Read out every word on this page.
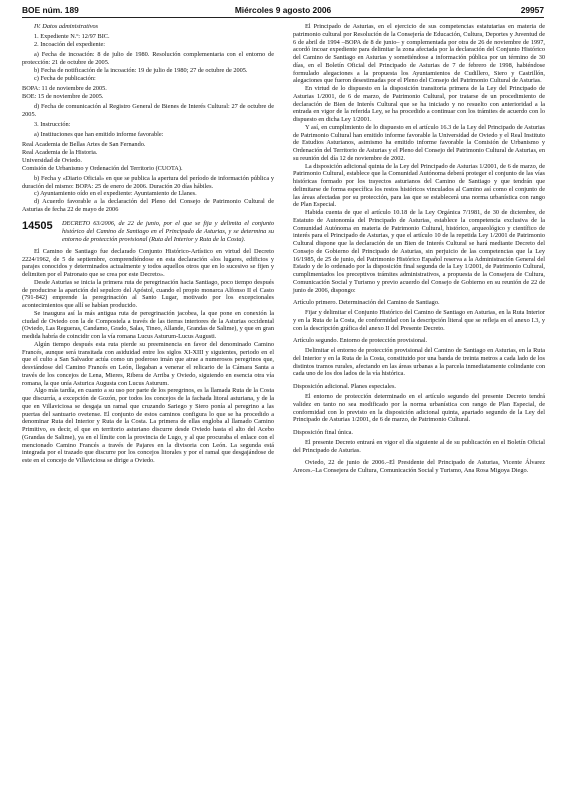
BOE núm. 189	Miércoles 9 agosto 2006	29957

IV. Datos administrativos

1. Expediente N.º: 12/97 BIC.

2. Incoación del expediente:

a) Fecha de incoación: 8 de julio de 1980. Resolución complementaria con el entorno de protección: 21 de octubre de 2005.

b) Fecha de notificación de la incoación: 19 de julio de 1980; 27 de octubre de 2005.

c) Fecha de publicación:

BOPA: 11 de noviembre de 2005.

BOE: 15 de noviembre de 2005.

d) Fecha de comunicación al Registro General de Bienes de Interés Cultural: 27 de octubre de 2005.

3. Instrucción:

a) Instituciones que han emitido informe favorable:

Real Academia de Bellas Artes de San Fernando.

Real Academia de la Historia.

Universidad de Oviedo.

Comisión de Urbanismo y Ordenación del Territorio (CUOTA).

b) Fecha y «Diario Oficial» en que se publica la apertura del período de información pública y duración del mismo: BOPA: 25 de enero de 2006. Duración 20 días hábiles.

c) Ayuntamiento oído en el expediente: Ayuntamiento de Llanes.

d) Acuerdo favorable a la declaración del Pleno del Consejo de Patrimonio Cultural de Asturias de fecha 22 de mayo de 2006

14505	DECRETO 63/2006, de 22 de junio, por el que se fija y delimita el conjunto histórico del Camino de Santiago en el Principado de Asturias, y se determina su entorno de protección provisional (Ruta del Interior y Ruta de la Costa).

El Camino de Santiago fue declarado Conjunto Histórico-Artístico en virtud del Decreto 2224/1962, de 5 de septiembre, comprendiéndose en esta declaración «los lugares, edificios y parajes conocidos y determinados actualmente y todos aquellos otros que en lo sucesivo se fijen y delimiten por el Patronato que se crea por este Decreto».

Desde Asturias se inicia la primera ruta de peregrinación hacia Santiago, poco tiempo después de producirse la aparición del sepulcro del Apóstol, cuando el propio monarca Alfonso II el Casto (791-842) emprende la peregrinación al Santo Lugar, motivado por los excepcionales acontecimientos que allí se habían producido.

Se inaugura así la más antigua ruta de peregrinación jacobea, la que pone en conexión la ciudad de Oviedo con la de Compostela a través de las tierras interiores de la Asturias occidental (Oviedo, Las Regueras, Candamo, Grado, Salas, Tineo, Allande, Grandas de Salime), y que en gran medida habría de coincidir con la vía romana Lucus Asturum-Lucus Augusti.

Algún tiempo después esta ruta pierde su preeminencia en favor del denominado Camino Francés, aunque será transitada con asiduidad entre los siglos XI-XIII y siguientes, periodo en el que el culto a San Salvador actúa como un poderoso imán que atrae a numerosos peregrinos que, desviándose del Camino Francés en León, llegaban a venerar el relicario de la Cámara Santa a través de los concejos de Lena, Mieres, Ribera de Arriba y Oviedo, siguiendo en esencia otra vía romana, la que unía Asturica Augusta con Lucus Asturum.

Algo más tardía, en cuanto a su uso por parte de los peregrinos, es la llamada Ruta de la Costa que discurría, a excepción de Gozón, por todos los concejos de la fachada litoral asturiana, y de la que en Villaviciosa se desgaja un ramal que cruzando Sariego y Siero ponía al peregrino a las puertas del santuario ovetense. El conjunto de estos caminos configura lo que se ha procedido a denominar Ruta del Interior y Ruta de la Costa. La primera de ellas engloba al llamado Camino Primitivo, es decir, el que en territorio asturiano discurre desde Oviedo hasta el alto del Acebo (Grandas de Salime), ya en el límite con la provincia de Lugo, y al que procuraba el enlace con el mencionado Camino Francés a través de Pajares en la divisoria con León. La segunda está integrada por el trazado que discurre por los concejos litorales y por el ramal que desgajándose de este en el concejo de Villaviciosa se dirige a Oviedo.

El Principado de Asturias, en el ejercicio de sus competencias estatutarias en materia de patrimonio cultural por Resolución de la Consejería de Educación, Cultura, Deportes y Juventud de 6 de abril de 1994 –BOPA de 8 de junio– y complementada por otra de 26 de noviembre de 1997, acordó incoar expediente para delimitar la zona afectada por la declaración del Conjunto Histórico del Camino de Santiago en Asturias y sometiéndose a información pública por un término de 30 días, en el Boletín Oficial del Principado de Asturias de 7 de febrero de 1998, habiéndose formulado alegaciones a la propuesta los Ayuntamientos de Cudillero, Siero y Castrillón, alegaciones que fueron desestimadas por el Pleno del Consejo del Patrimonio Cultural de Asturias.

En virtud de lo dispuesto en la disposición transitoria primera de la Ley del Principado de Asturias 1/2001, de 6 de marzo, de Patrimonio Cultural, por tratarse de un procedimiento de declaración de Bien de Interés Cultural que se ha iniciado y no resuelto con anterioridad a la entrada en vigor de la referida Ley, se ha procedido a continuar con los trámites de acuerdo con lo dispuesto en dicha Ley 1/2001.

Y así, en cumplimiento de lo dispuesto en el artículo 16.3 de la Ley del Principado de Asturias de Patrimonio Cultural han emitido informe favorable la Universidad de Oviedo y el Real Instituto de Estudios Asturianos, asimismo ha emitido informe favorable la Comisión de Urbanismo y Ordenación del Territorio de Asturias y el Pleno del Consejo del Patrimonio Cultural de Asturias, en su reunión del día 12 de noviembre de 2002.

La disposición adicional quinta de la Ley del Principado de Asturias 1/2001, de 6 de marzo, de Patrimonio Cultural, establece que la Comunidad Autónoma deberá proteger el conjunto de las vías históricas formado por los trayectos asturianos del Camino de Santiago y que tendrán que delimitarse de forma específica los restos históricos vinculados al Camino así como el conjunto de las áreas afectadas por su protección, para las que se establecerá una norma urbanística con rango de Plan Especial.

Habida cuenta de que el artículo 10.18 de la Ley Orgánica 7/1981, de 30 de diciembre, de Estatuto de Autonomía del Principado de Asturias, establece la competencia exclusiva de la Comunidad Autónoma en materia de Patrimonio Cultural, histórico, arqueológico y científico de interés para el Principado de Asturias, y que el artículo 10 de la repetida Ley 1/2001 de Patrimonio Cultural dispone que la declaración de un Bien de Interés Cultural se hará mediante Decreto del Consejo de Gobierno del Principado de Asturias, sin perjuicio de las competencias que la Ley 16/1985, de 25 de junio, del Patrimonio Histórico Español reserva a la Administración General del Estado y de lo ordenado por la disposición final segunda de la Ley 1/2001, de Patrimonio Cultural, cumplimentados los preceptivos trámites administrativos, a propuesta de la Consejera de Cultura, Comunicación Social y Turismo y previo acuerdo del Consejo de Gobierno en su reunión de 22 de junio de 2006, dispongo:

Artículo primero. Determinación del Camino de Santiago.

Fijar y delimitar el Conjunto Histórico del Camino de Santiago en Asturias, en la Ruta Interior y en la Ruta de la Costa, de conformidad con la descripción literal que se refleja en el anexo I.3, y con la descripción gráfica del anexo II del Presente Decreto.

Artículo segundo. Entorno de protección provisional.

Delimitar el entorno de protección provisional del Camino de Santiago en Asturias, en la Ruta del Interior y en la Ruta de la Costa, constituido por una banda de treinta metros a cada lado de los distintos tramos rurales, afectando en las áreas urbanas a la parcela inmediatamente colindante con cada uno de los dos lados de la vía histórica.

Disposición adicional. Planes especiales.

El entorno de protección determinado en el artículo segundo del presente Decreto tendrá validez en tanto no sea modificado por la norma urbanística con rango de Plan Especial, de conformidad con lo previsto en la disposición adicional quinta, apartado segundo de la Ley del Principado de Asturias 1/2001, de 6 de marzo, de Patrimonio Cultural.

Disposición final única.

El presente Decreto entrará en vigor el día siguiente al de su publicación en el Boletín Oficial del Principado de Asturias.

Oviedo, 22 de junio de 2006.–El Presidente del Principado de Asturias, Vicente Álvarez Areces.–La Consejera de Cultura, Comunicación Social y Turismo, Ana Rosa Migoya Diego.
